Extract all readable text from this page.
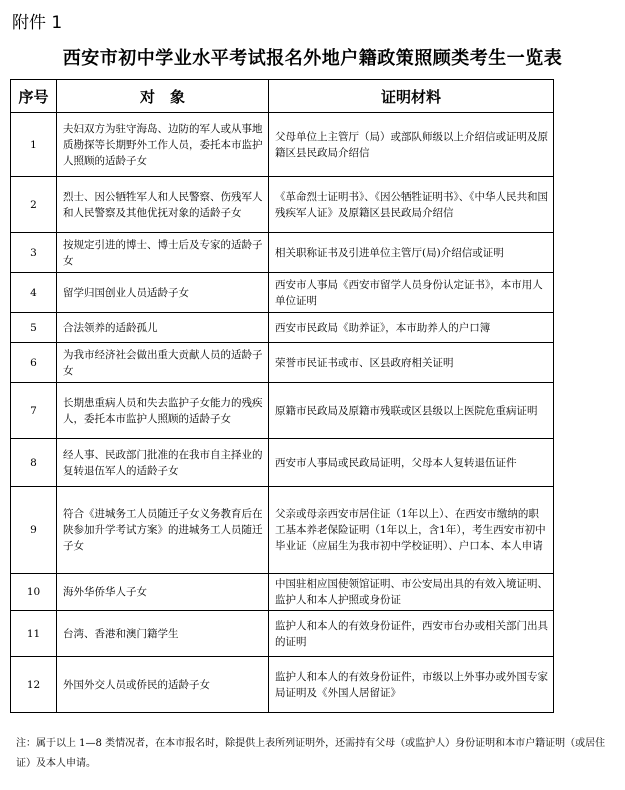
附件 1
西安市初中学业水平考试报名外地户籍政策照顾类考生一览表
序号	对　象	证明材料
1	夫妇双方为驻守海岛、边防的军人或从事地质勘探等长期野外工作人员，委托本市监护人照顾的适龄子女	父母单位上主管厅（局）或部队师级以上介绍信或证明及原籍区县民政局介绍信
2	烈士、因公牺牲军人和人民警察、伤残军人和人民警察及其他优抚对象的适龄子女	《革命烈士证明书》、《因公牺牲证明书》、《中华人民共和国残疾军人证》及原籍区县民政局介绍信
3	按规定引进的博士、博士后及专家的适龄子女	相关职称证书及引进单位主管厅(局)介绍信或证明
4	留学归国创业人员适龄子女	西安市人事局《西安市留学人员身份认定证书》，本市用人单位证明
5	合法领养的适龄孤儿	西安市民政局《助养证》，本市助养人的户口簿
6	为我市经济社会做出重大贡献人员的适龄子女	荣誉市民证书或市、区县政府相关证明
7	长期患重病人员和失去监护子女能力的残疾人，委托本市监护人照顾的适龄子女	原籍市民政局及原籍市残联或区县级以上医院危重病证明
8	经人事、民政部门批准的在我市自主择业的复转退伍军人的适龄子女	西安市人事局或民政局证明，父母本人复转退伍证件
9	符合《进城务工人员随迁子女义务教育后在陕参加升学考试方案》的进城务工人员随迁子女	父亲或母亲西安市居住证（1年以上）、在西安市缴纳的职工基本养老保险证明（1年以上，含1年），考生西安市初中毕业证（应届生为我市初中学校证明）、户口本、本人申请
10	海外华侨华人子女	中国驻相应国使领馆证明、市公安局出具的有效入境证明、监护人和本人护照或身份证
11	台湾、香港和澳门籍学生	监护人和本人的有效身份证件，西安市台办或相关部门出具的证明
12	外国外交人员或侨民的适龄子女	监护人和本人的有效身份证件，市级以上外事办或外国专家局证明及《外国人居留证》
注：属于以上 1—8 类情况者，在本市报名时，除提供上表所列证明外，还需持有父母（或监护人）身份证明和本市户籍证明（或居住证）及本人申请。
